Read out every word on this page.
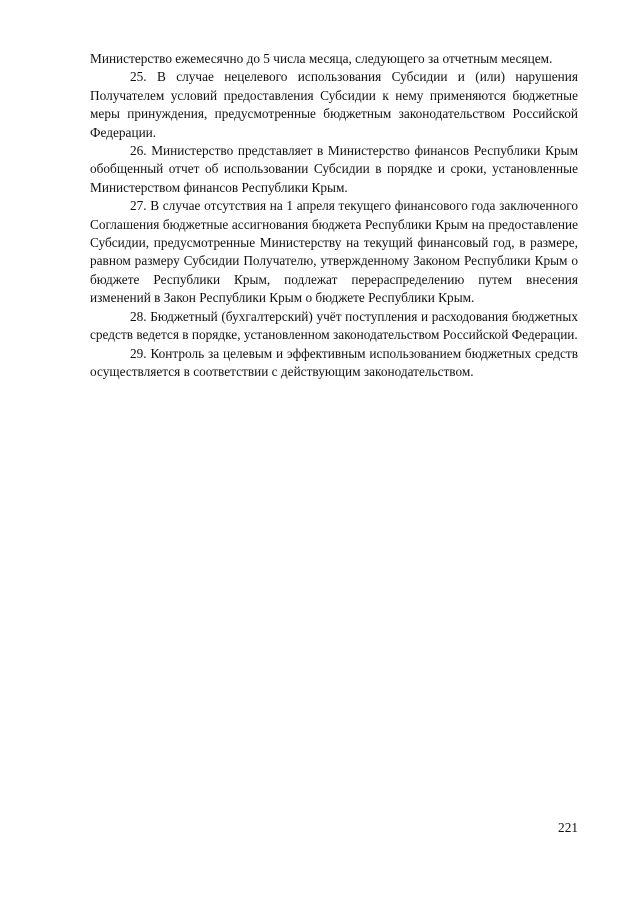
Министерство ежемесячно до 5 числа месяца, следующего за отчетным месяцем.

25. В случае нецелевого использования Субсидии и (или) нарушения Получателем условий предоставления Субсидии к нему применяются бюджетные меры принуждения, предусмотренные бюджетным законодательством Российской Федерации.

26. Министерство представляет в Министерство финансов Республики Крым обобщенный отчет об использовании Субсидии в порядке и сроки, установленные Министерством финансов Республики Крым.

27. В случае отсутствия на 1 апреля текущего финансового года заключенного Соглашения бюджетные ассигнования бюджета Республики Крым на предоставление Субсидии, предусмотренные Министерству на текущий финансовый год, в размере, равном размеру Субсидии Получателю, утвержденному Законом Республики Крым о бюджете Республики Крым, подлежат перераспределению путем внесения изменений в Закон Республики Крым о бюджете Республики Крым.

28. Бюджетный (бухгалтерский) учёт поступления и расходования бюджетных средств ведется в порядке, установленном законодательством Российской Федерации.

29. Контроль за целевым и эффективным использованием бюджетных средств осуществляется в соответствии с действующим законодательством.

221
